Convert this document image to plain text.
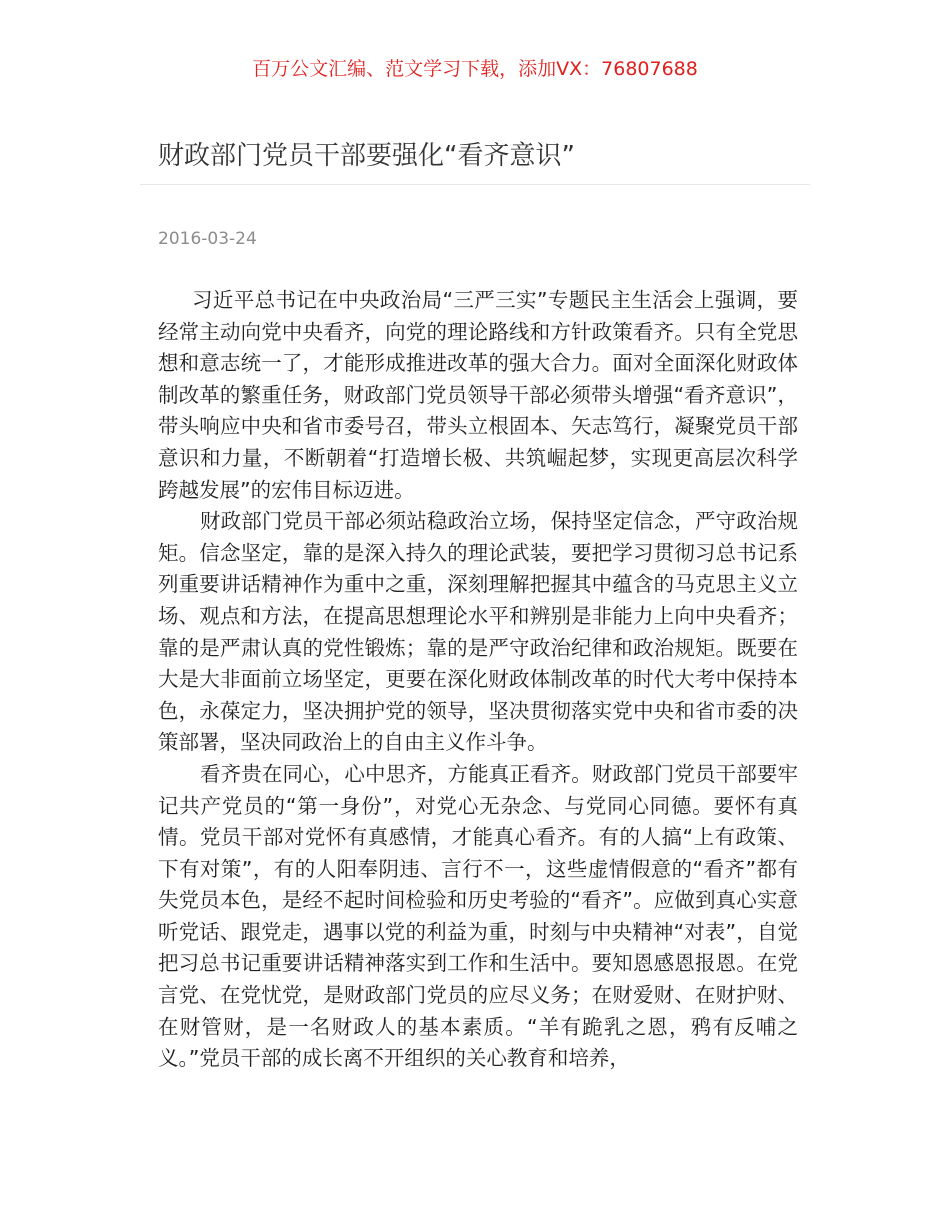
百万公文汇编、范文学习下载，添加VX：76807688
财政部门党员干部要强化“看齐意识”
2016-03-24

习近平总书记在中央政治局“三严三实”专题民主生活会上强调，要经常主动向党中央看齐，向党的理论路线和方针政策看齐。只有全党思想和意志统一了，才能形成推进改革的强大合力。面对全面深化财政体制改革的繁重任务，财政部门党员领导干部必须带头增强“看齐意识”，带头响应中央和省市委号召，带头立根固本、矢志笃行，凝聚党员干部意识和力量，不断朝着“打造增长极、共筑崛起梦，实现更高层次科学跨越发展”的宏伟目标迈进。

财政部门党员干部必须站稳政治立场，保持坚定信念，严守政治规矩。信念坚定，靠的是深入持久的理论武装，要把学习贯彻习总书记系列重要讲话精神作为重中之重，深刻理解把握其中蕴含的马克思主义立场、观点和方法，在提高思想理论水平和辨别是非能力上向中央看齐；靠的是严肃认真的党性锻炼；靠的是严守政治纪律和政治规矩。既要在大是大非面前立场坚定，更要在深化财政体制改革的时代大考中保持本色，永葆定力，坚决拥护党的领导，坚决贯彻落实党中央和省市委的决策部署，坚决同政治上的自由主义作斗争。

看齐贵在同心，心中思齐，方能真正看齐。财政部门党员干部要牢记共产党员的“第一身份”，对党心无杂念、与党同心同德。要怀有真情。党员干部对党怀有真感情，才能真心看齐。有的人搞“上有政策、下有对策”，有的人阳奉阴违、言行不一，这些虚情假意的“看齐”都有失党员本色，是经不起时间检验和历史考验的“看齐”。应做到真心实意听党话、跟党走，遇事以党的利益为重，时刻与中央精神“对表”，自觉把习总书记重要讲话精神落实到工作和生活中。要知恩感恩报恩。在党言党、在党忧党，是财政部门党员的应尽义务；在财爱财、在财护财、在财管财，是一名财政人的基本素质。“羊有跪乳之恩，鸦有反哺之义。”党员干部的成长离不开组织的关心教育和培养，
